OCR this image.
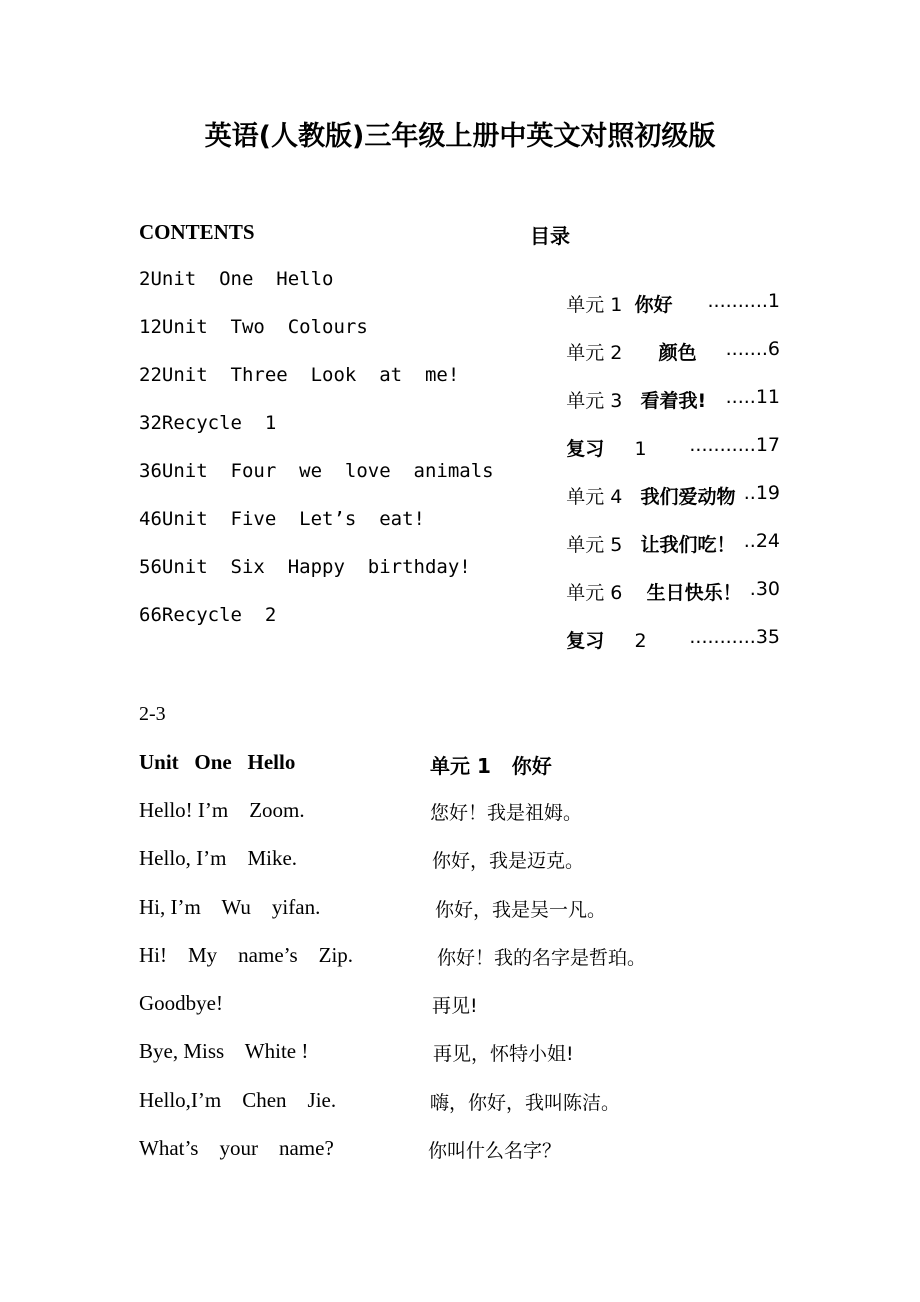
英语(人教版)三年级上册中英文对照初级版
CONTENTS	目录
2Unit  One  Hello

单元 1 你好 ..........1

12Unit  Two  Colours

单元 2 颜色 .......6

22Unit  Three  Look  at  me!

单元 3 看着我! .....11

32Recycle  1

复习 1 ...........17

36Unit  Four  we  love  animals

单元 4 我们爱动物 ..19

46Unit  Five  Let’s  eat!

单元 5 让我们吃！ ..24

56Unit  Six  Happy  birthday!

单元 6 生日快乐！ .30

66Recycle  2

复习 2 ...........35

2-3
Unit   One   Hello	单元 1   你好
Hello! I’m    Zoom.	您好！我是祖姆。
Hello, I’m    Mike.	你好，我是迈克。
Hi, I’m    Wu    yifan.	你好，我是吴一凡。
Hi!    My    name’s    Zip.	你好！我的名字是哲珀。
Goodbye!	再见!
Bye, Miss    White !	再见，怀特小姐!
Hello,I’m    Chen    Jie.	嗨，你好，我叫陈洁。
What’s    your    name?	你叫什么名字？
